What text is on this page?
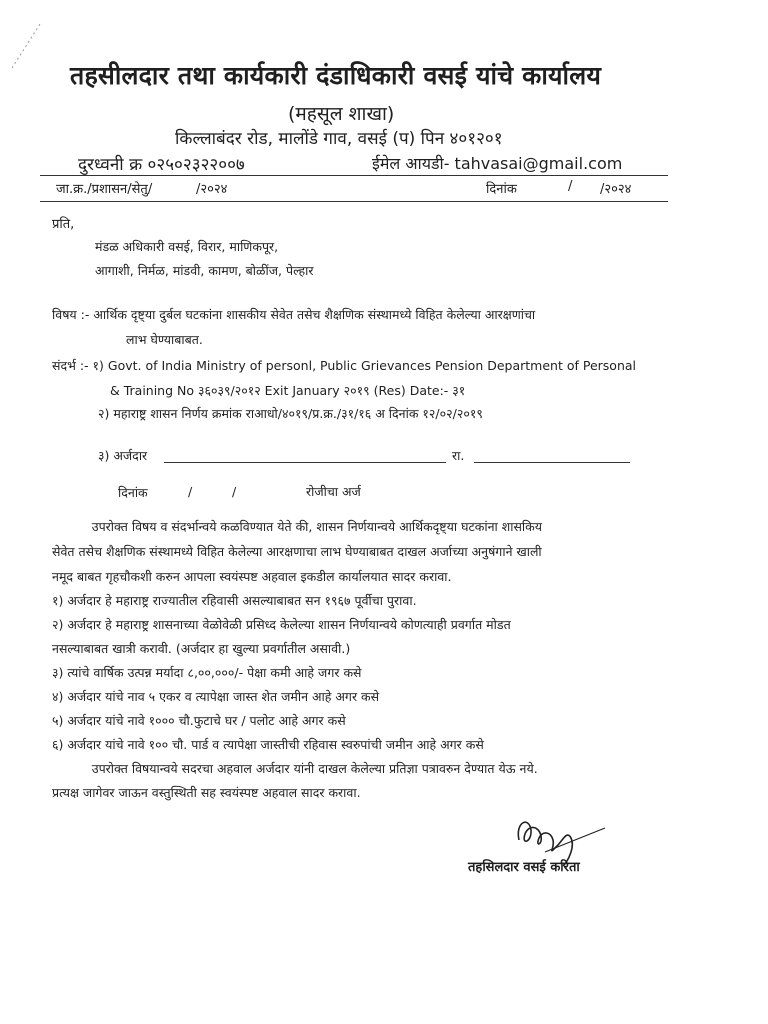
तहसीलदार तथा कार्यकारी दंडाधिकारी वसई यांचे कार्यालय
(महसूल शाखा)
किल्लाबंदर रोड, मालोंडे गाव, वसई (प) पिन ४०१२०१
दुरध्वनी क्र ०२५०२३२२००७	ईमेल आयडी- tahvasai@gmail.com
जा.क्र./प्रशासन/सेतु/	/२०२४	दिनांक	/ /२०२४
प्रति,
मंडळ अधिकारी वसई, विरार, माणिकपूर,
आगाशी, निर्मळ, मांडवी, कामण, बोळींज, पेल्हार
विषय :- आर्थिक दृष्ट्या दुर्बल घटकांना शासकीय सेवेत तसेच शैक्षणिक संस्थामध्ये विहित केलेल्या आरक्षणांचा
लाभ घेण्याबाबत.
संदर्भ :- १) Govt. of India Ministry of personl, Public Grievances Pension Department of Personal
& Training No ३६०३९/२०१२ Exit January २०१९ (Res) Date:- ३१
२) महाराष्ट्र शासन निर्णय क्रमांक राआधो/४०१९/प्र.क्र./३१/१६ अ दिनांक १२/०२/२०१९
३) अर्जदार	रा.
दिनांक	/	/	रोजीचा अर्ज
उपरोक्त विषय व संदर्भान्वये कळविण्यात येते की, शासन निर्णयान्वये आर्थिकदृष्ट्या घटकांना शासकिय
सेवेत तसेच शैक्षणिक संस्थामध्ये विहित केलेल्या आरक्षणाचा लाभ घेण्याबाबत दाखल अर्जाच्या अनुषंगाने खाली
नमूद बाबत गृहचौकशी करुन आपला स्वयंस्पष्ट अहवाल इकडील कार्यालयात सादर करावा.
१) अर्जदार हे महाराष्ट्र राज्यातील रहिवासी असल्याबाबत सन १९६७ पूर्वीचा पुरावा.
२) अर्जदार हे महाराष्ट्र शासनाच्या वेळोवेळी प्रसिध्द केलेल्या शासन निर्णयान्वये कोणत्याही प्रवर्गात मोडत
नसल्याबाबत खात्री करावी. (अर्जदार हा खुल्या प्रवर्गातील असावी.)
३) त्यांचे वार्षिक उत्पन्न मर्यादा ८,००,०००/- पेक्षा कमी आहे जगर कसे
४) अर्जदार यांचे नाव ५ एकर व त्यापेक्षा जास्त शेत जमीन आहे अगर कसे
५) अर्जदार यांचे नावे १००० चौ.फुटाचे घर / पलोट आहे अगर कसे
६) अर्जदार यांचे नावे १०० चौ. पार्ड व त्यापेक्षा जास्तीची रहिवास स्वरुपांची जमीन आहे अगर कसे
उपरोक्त विषयान्वये सदरचा अहवाल अर्जदार यांनी दाखल केलेल्या प्रतिज्ञा पत्रावरुन देण्यात येऊ नये.
प्रत्यक्ष जागेवर जाऊन वस्तुस्थिती सह स्वयंस्पष्ट अहवाल सादर करावा.
तहसिलदार वसई करिता
